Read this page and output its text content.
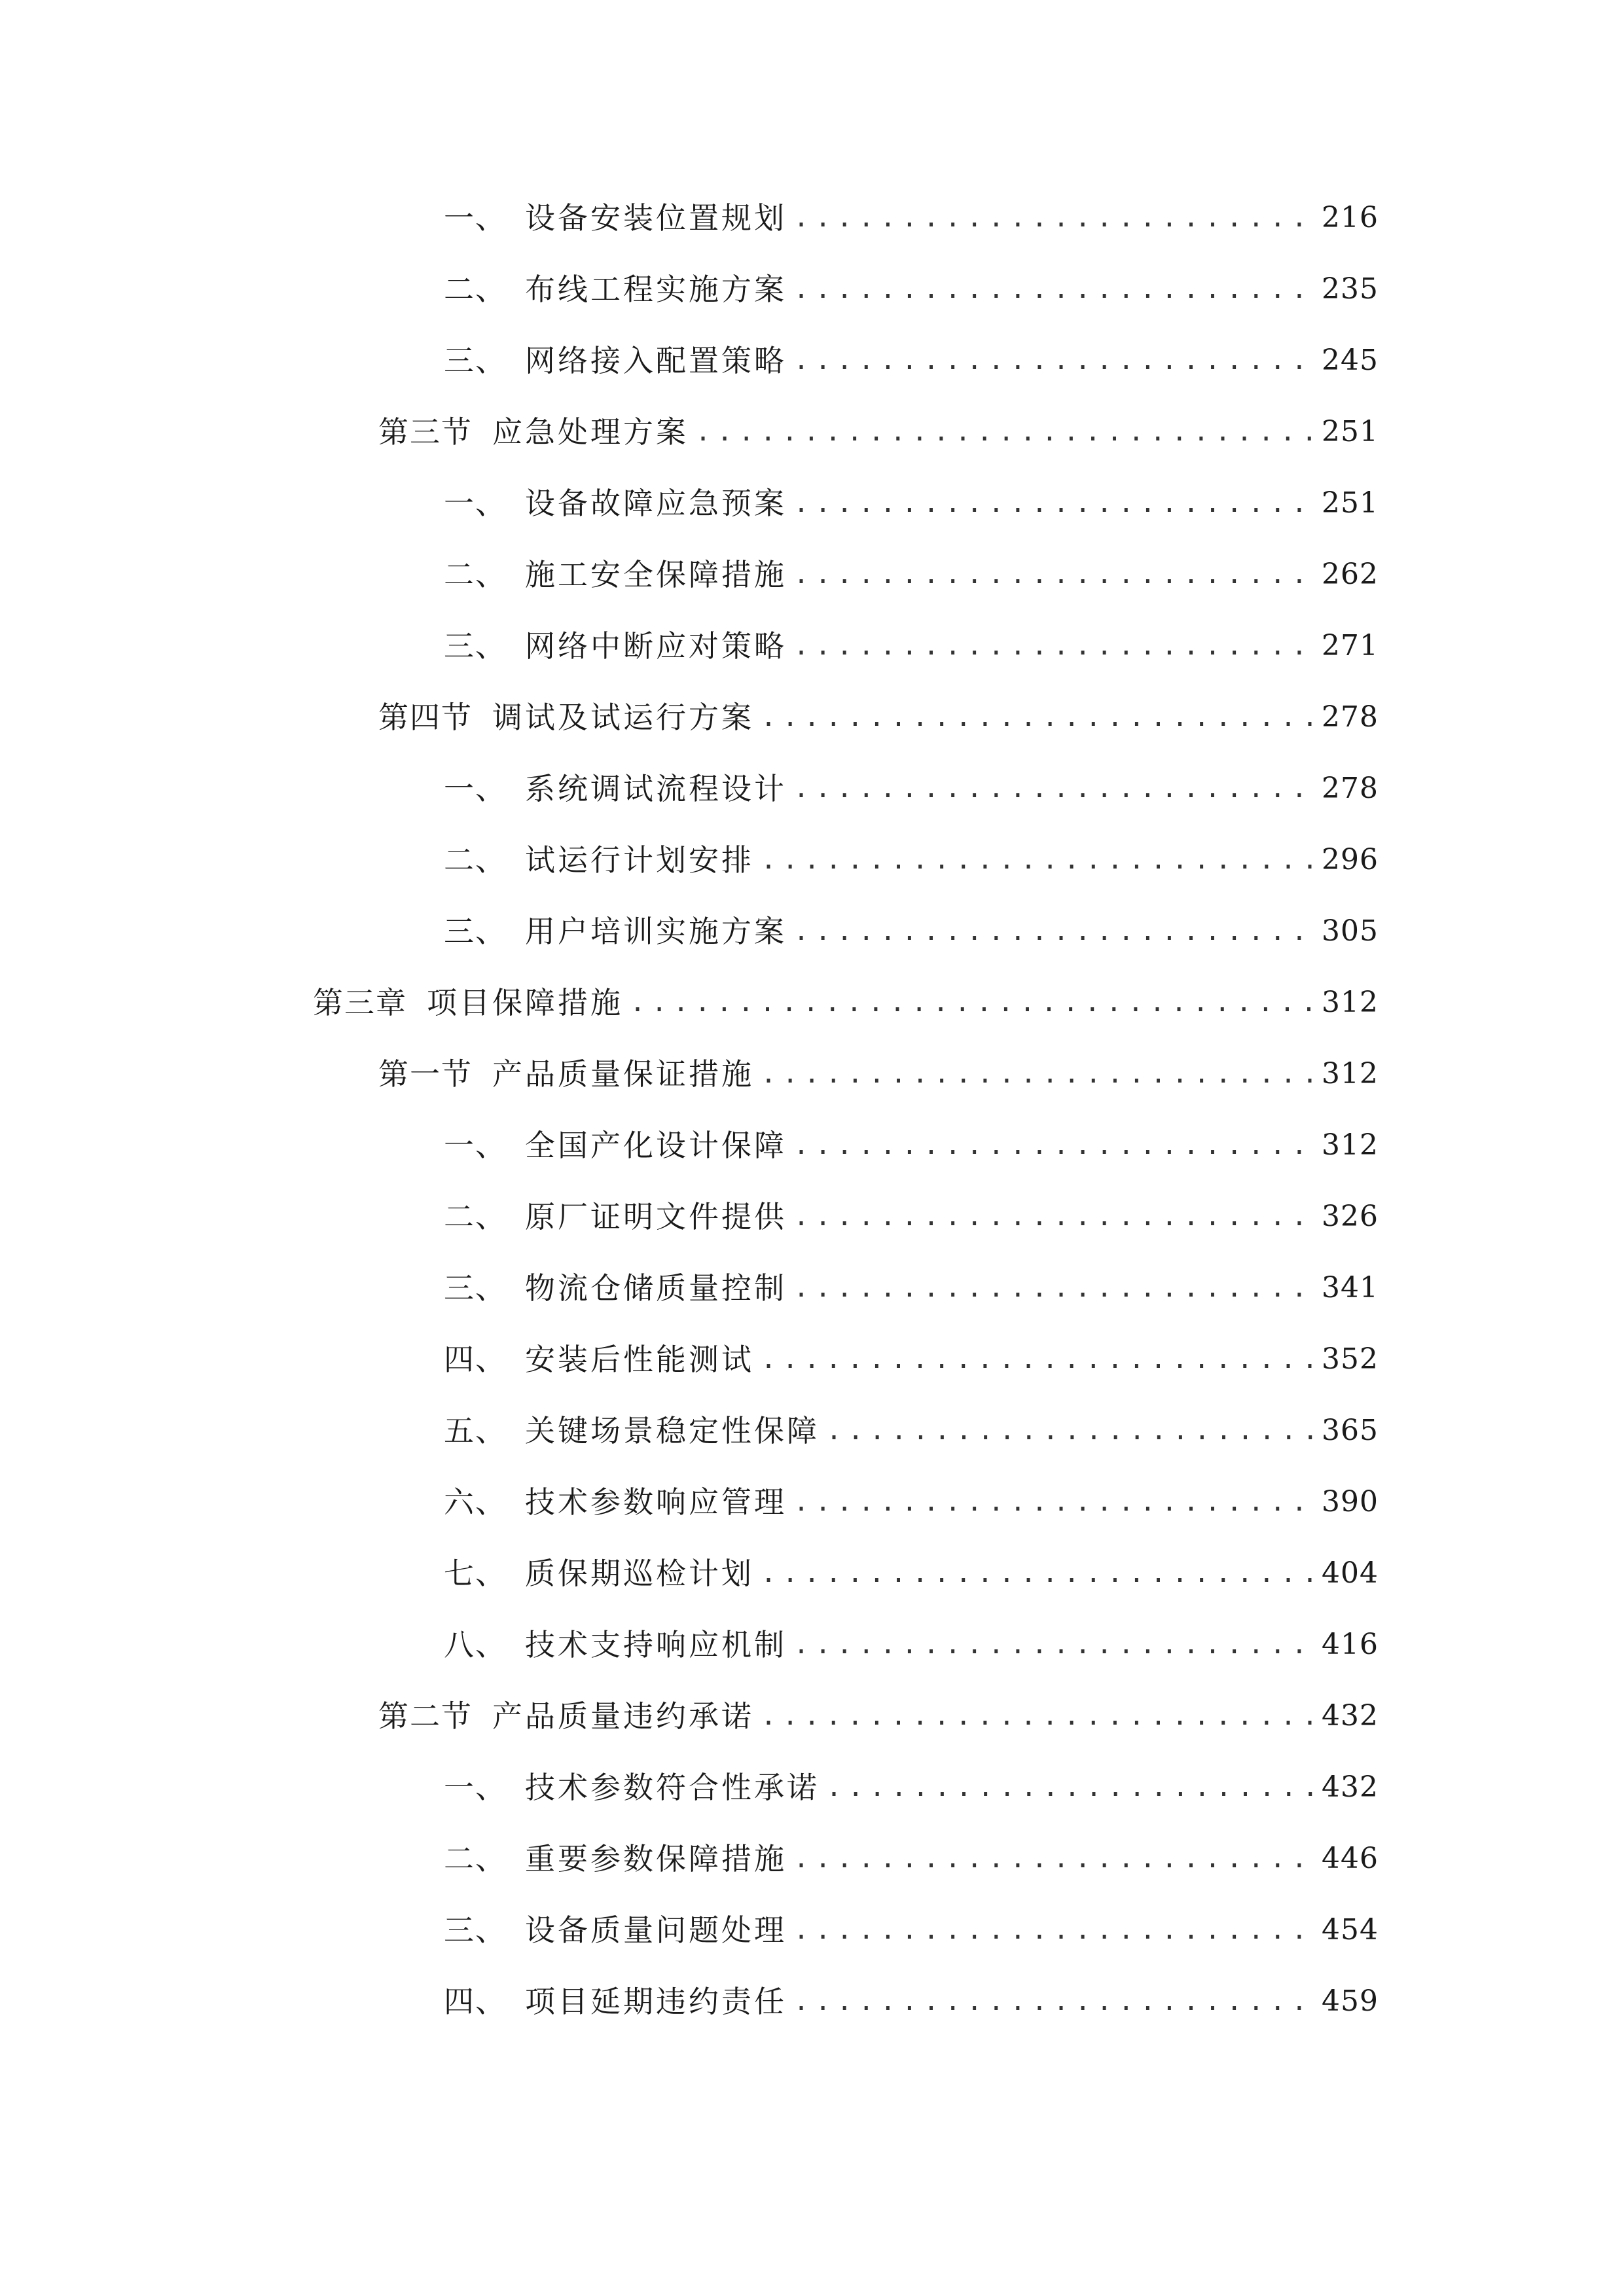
一、 设备安装位置规划 .....	216
二、 布线工程实施方案 .....	235
三、 网络接入配置策略 .....	245
第三节 应急处理方案 .....	251
一、 设备故障应急预案 .....	251
二、 施工安全保障措施 .....	262
三、 网络中断应对策略 .....	271
第四节 调试及试运行方案 .....	278
一、 系统调试流程设计 .....	278
二、 试运行计划安排 .....	296
三、 用户培训实施方案 .....	305
第三章 项目保障措施 .....	312
第一节 产品质量保证措施 .....	312
一、 全国产化设计保障 .....	312
二、 原厂证明文件提供 .....	326
三、 物流仓储质量控制 .....	341
四、 安装后性能测试 .....	352
五、 关键场景稳定性保障 .....	365
六、 技术参数响应管理 .....	390
七、 质保期巡检计划 .....	404
八、 技术支持响应机制 .....	416
第二节 产品质量违约承诺 .....	432
一、 技术参数符合性承诺 .....	432
二、 重要参数保障措施 .....	446
三、 设备质量问题处理 .....	454
四、 项目延期违约责任 .....	459
